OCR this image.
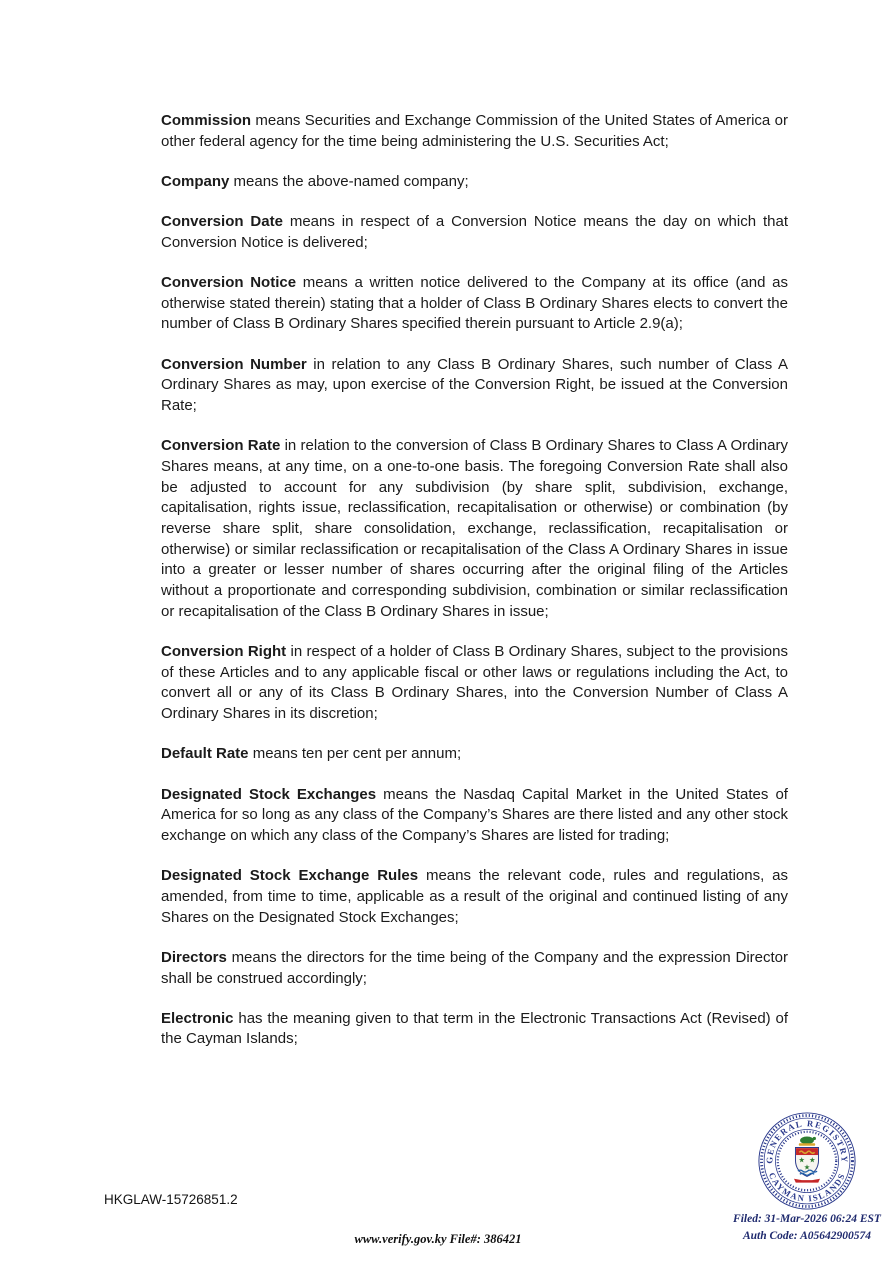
Commission means Securities and Exchange Commission of the United States of America or other federal agency for the time being administering the U.S. Securities Act;

Company means the above-named company;

Conversion Date means in respect of a Conversion Notice means the day on which that Conversion Notice is delivered;

Conversion Notice means a written notice delivered to the Company at its office (and as otherwise stated therein) stating that a holder of Class B Ordinary Shares elects to convert the number of Class B Ordinary Shares specified therein pursuant to Article 2.9(a);

Conversion Number in relation to any Class B Ordinary Shares, such number of Class A Ordinary Shares as may, upon exercise of the Conversion Right, be issued at the Conversion Rate;

Conversion Rate in relation to the conversion of Class B Ordinary Shares to Class A Ordinary Shares means, at any time, on a one-to-one basis. The foregoing Conversion Rate shall also be adjusted to account for any subdivision (by share split, subdivision, exchange, capitalisation, rights issue, reclassification, recapitalisation or otherwise) or combination (by reverse share split, share consolidation, exchange, reclassification, recapitalisation or otherwise) or similar reclassification or recapitalisation of the Class A Ordinary Shares in issue into a greater or lesser number of shares occurring after the original filing of the Articles without a proportionate and corresponding subdivision, combination or similar reclassification or recapitalisation of the Class B Ordinary Shares in issue;

Conversion Right in respect of a holder of Class B Ordinary Shares, subject to the provisions of these Articles and to any applicable fiscal or other laws or regulations including the Act, to convert all or any of its Class B Ordinary Shares, into the Conversion Number of Class A Ordinary Shares in its discretion;

Default Rate means ten per cent per annum;

Designated Stock Exchanges means the Nasdaq Capital Market in the United States of America for so long as any class of the Company’s Shares are there listed and any other stock exchange on which any class of the Company’s Shares are listed for trading;

Designated Stock Exchange Rules means the relevant code, rules and regulations, as amended, from time to time, applicable as a result of the original and continued listing of any Shares on the Designated Stock Exchanges;

Directors means the directors for the time being of the Company and the expression Director shall be construed accordingly;

Electronic has the meaning given to that term in the Electronic Transactions Act (Revised) of the Cayman Islands;

HKGLAW-15726851.2
www.verify.gov.ky File#: 386421
GENERAL REGISTRY
CAYMAN ISLANDS
Filed: 31-Mar-2026 06:24 EST
Auth Code: A05642900574
